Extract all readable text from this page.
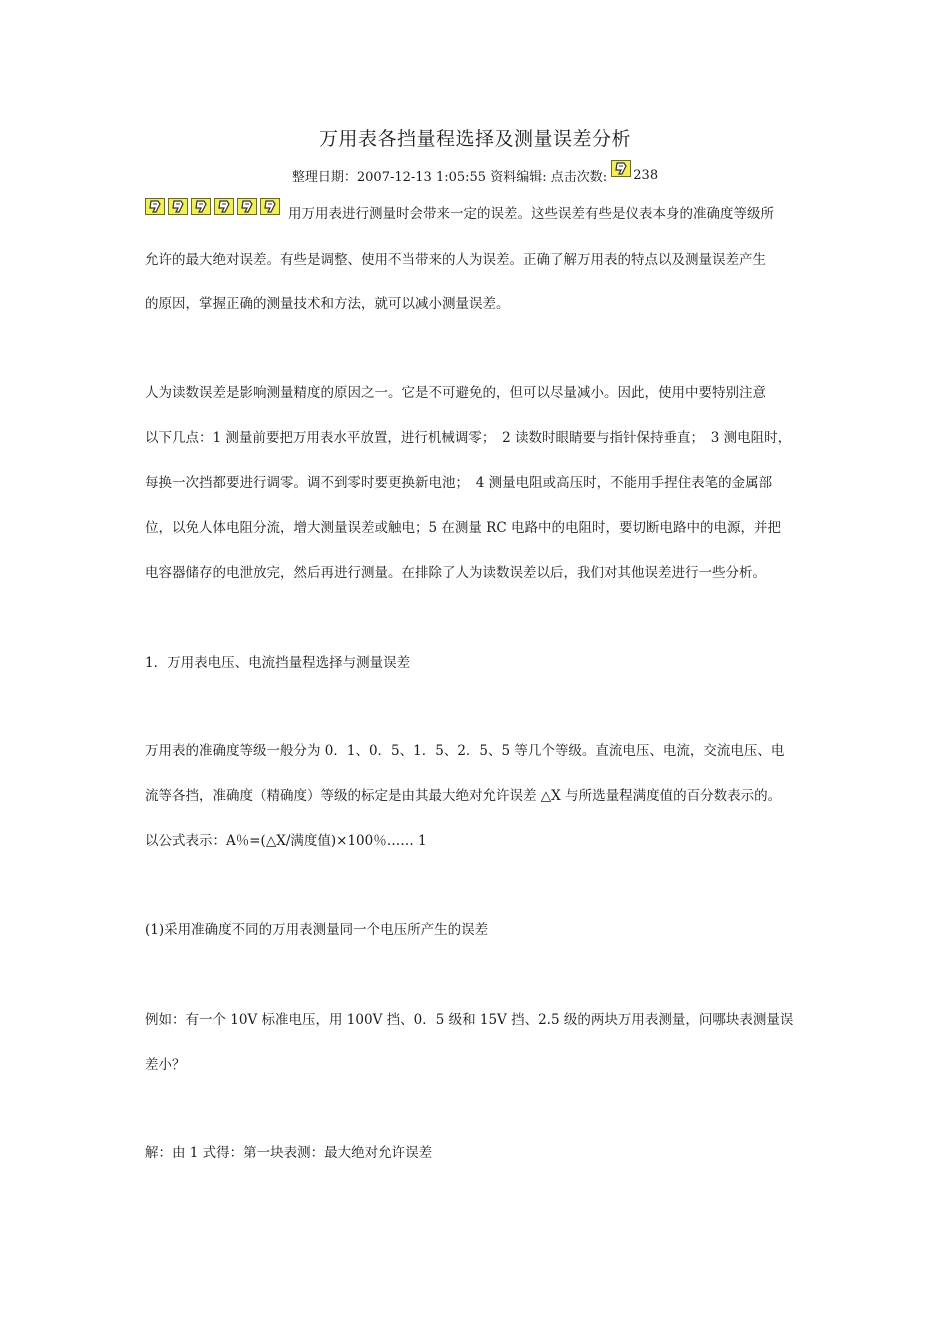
万用表各挡量程选择及测量误差分析
整理日期：2007-12-13 1:05:55 资料编辑: 点击次数: 238
用万用表进行测量时会带来一定的误差。这些误差有些是仪表本身的准确度等级所
允许的最大绝对误差。有些是调整、使用不当带来的人为误差。正确了解万用表的特点以及测量误差产生
的原因，掌握正确的测量技术和方法，就可以减小测量误差。
人为读数误差是影响测量精度的原因之一。它是不可避免的，但可以尽量减小。因此，使用中要特别注意
以下几点：1 测量前要把万用表水平放置，进行机械调零；　2 读数时眼睛要与指针保持垂直；　3 测电阻时，
每换一次挡都要进行调零。调不到零时要更换新电池；　4 测量电阻或高压时，不能用手捏住表笔的金属部
位，以免人体电阻分流，增大测量误差或触电；5 在测量 RC 电路中的电阻时，要切断电路中的电源，并把
电容器储存的电泄放完，然后再进行测量。在排除了人为读数误差以后，我们对其他误差进行一些分析。
1．万用表电压、电流挡量程选择与测量误差
万用表的准确度等级一般分为 0．1、0．5、1．5、2．5、5 等几个等级。直流电压、电流，交流电压、电
流等各挡，准确度（精确度）等级的标定是由其最大绝对允许误差 △X 与所选量程满度值的百分数表示的。
以公式表示：A％=(△X/满度值)×100％…… 1
(1)采用准确度不同的万用表测量同一个电压所产生的误差
例如：有一个 10V 标准电压，用 100V 挡、0．5 级和 15V 挡、2.5 级的两块万用表测量，问哪块表测量误
差小？
解：由 1 式得：第一块表测：最大绝对允许误差
